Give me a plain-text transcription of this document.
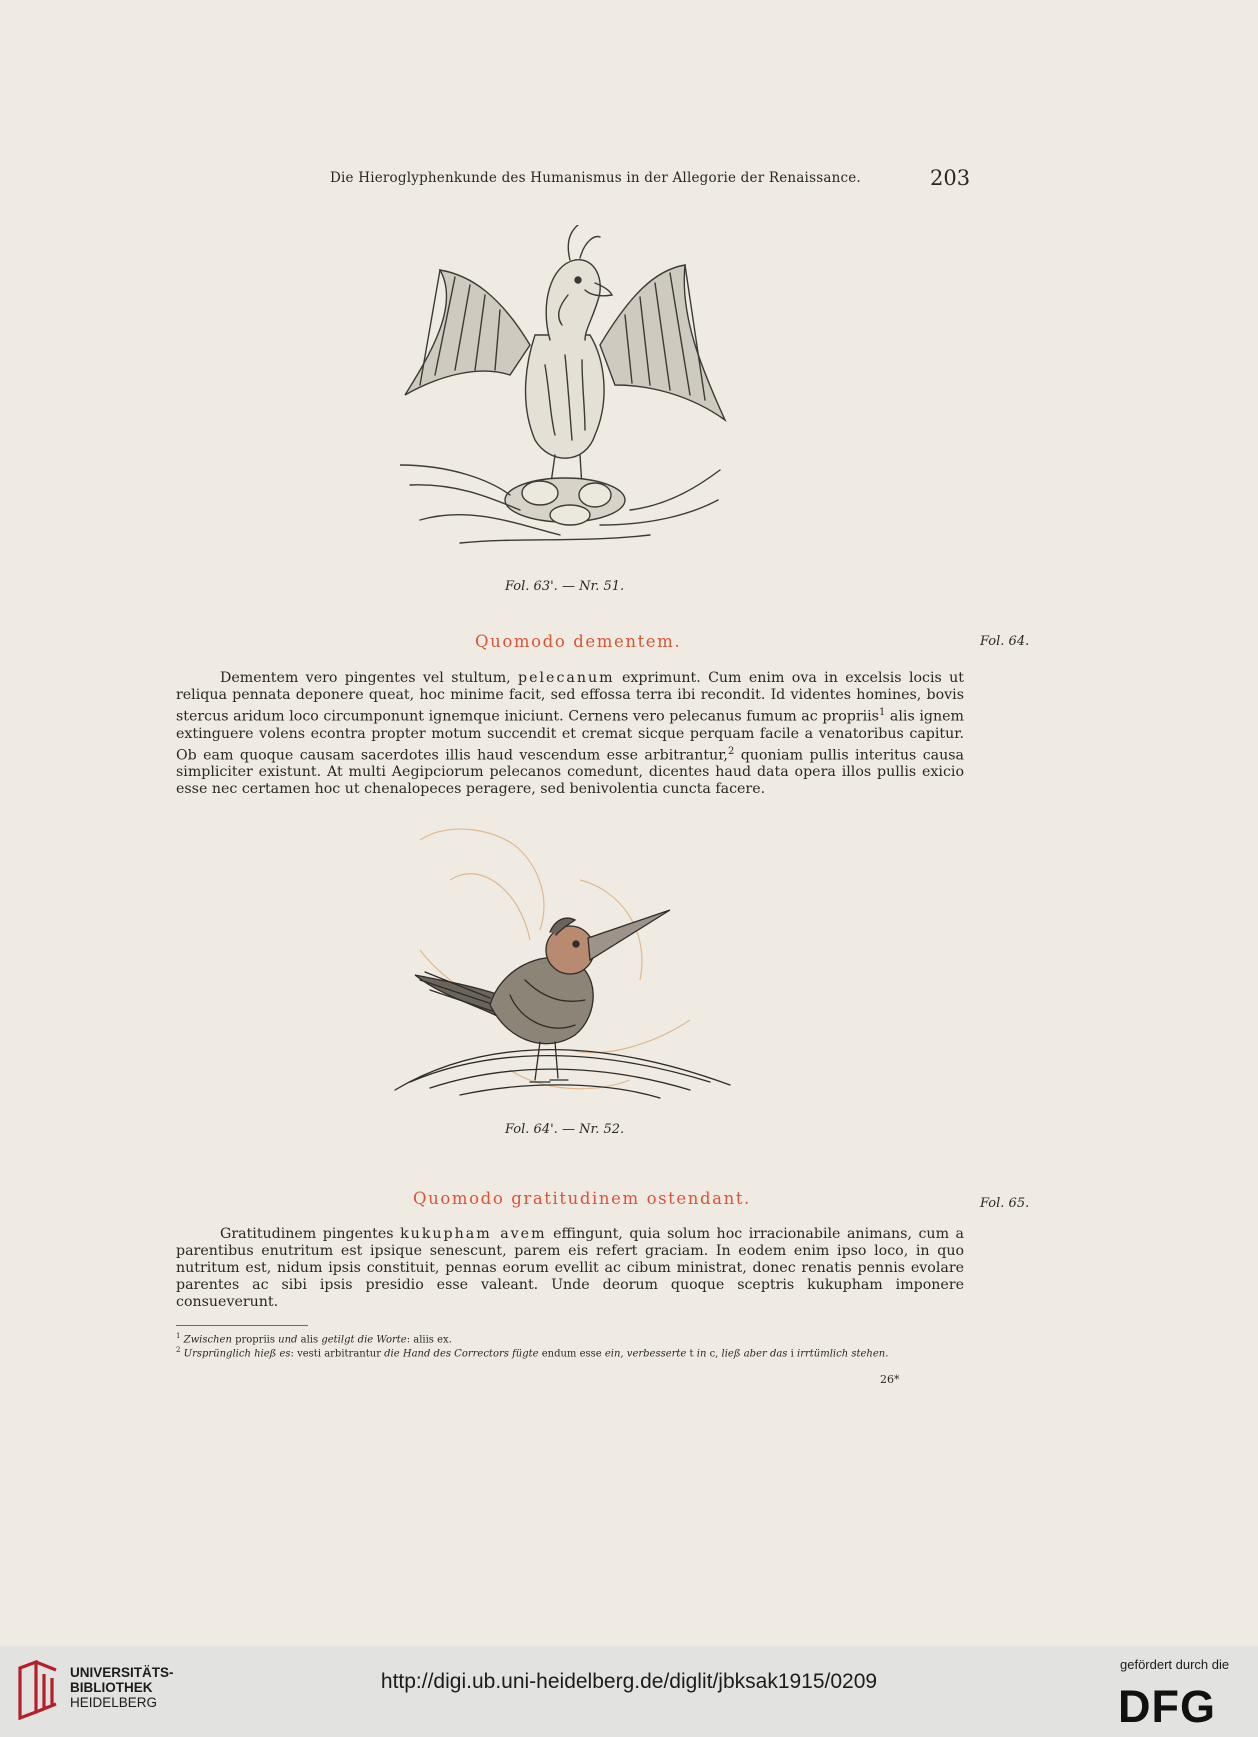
Die Hieroglyphenkunde des Humanismus in der Allegorie der Renaissance.	203
Fol. 63'. — Nr. 51.
Quomodo dementem.	Fol. 64.

Dementem vero pingentes vel stultum, pelecanum exprimunt. Cum enim ova in excelsis locis ut reliqua pennata deponere queat, hoc minime facit, sed effossa terra ibi recondit. Id videntes homines, bovis stercus aridum loco circumponunt ignemque iniciunt. Cernens vero pelecanus fumum ac propriis$^1$ alis ignem extinguere volens econtra propter motum succendit et cremat sicque perquam facile a venatoribus capitur. Ob eam quoque causam sacerdotes illis haud vescendum esse arbitrantur,$^2$ quoniam pullis interitus causa simpliciter existunt. At multi Aegipciorum pelecanos comedunt, dicentes haud data opera illos pullis exicio esse nec certamen hoc ut chenalopeces peragere, sed benivolentia cuncta facere.

Fol. 64'. — Nr. 52.
Quomodo gratitudinem ostendant.	Fol. 65.

Gratitudinem pingentes kukupham avem effingunt, quia solum hoc irracionabile animans, cum a parentibus enutritum est ipsique senescunt, parem eis refert graciam. In eodem enim ipso loco, in quo nutritum est, nidum ipsis constituit, pennas eorum evellit ac cibum ministrat, donec renatis pennis evolare parentes ac sibi ipsis presidio esse valeant. Unde deorum quoque sceptris kukupham imponere consueverunt.

$^1$ Zwischen propriis und alis getilgt die Worte: aliis ex.
$^2$ Ursprünglich hieß es: vesti arbitrantur die Hand des Correctors fügte endum esse ein, verbesserte t in c, ließ aber das i irrtümlich stehen.
26*
UNIVERSITÄTS-
BIBLIOTHEK
HEIDELBERG
http://digi.ub.uni-heidelberg.de/diglit/jbksak1915/0209
gefördert durch die
DFG
